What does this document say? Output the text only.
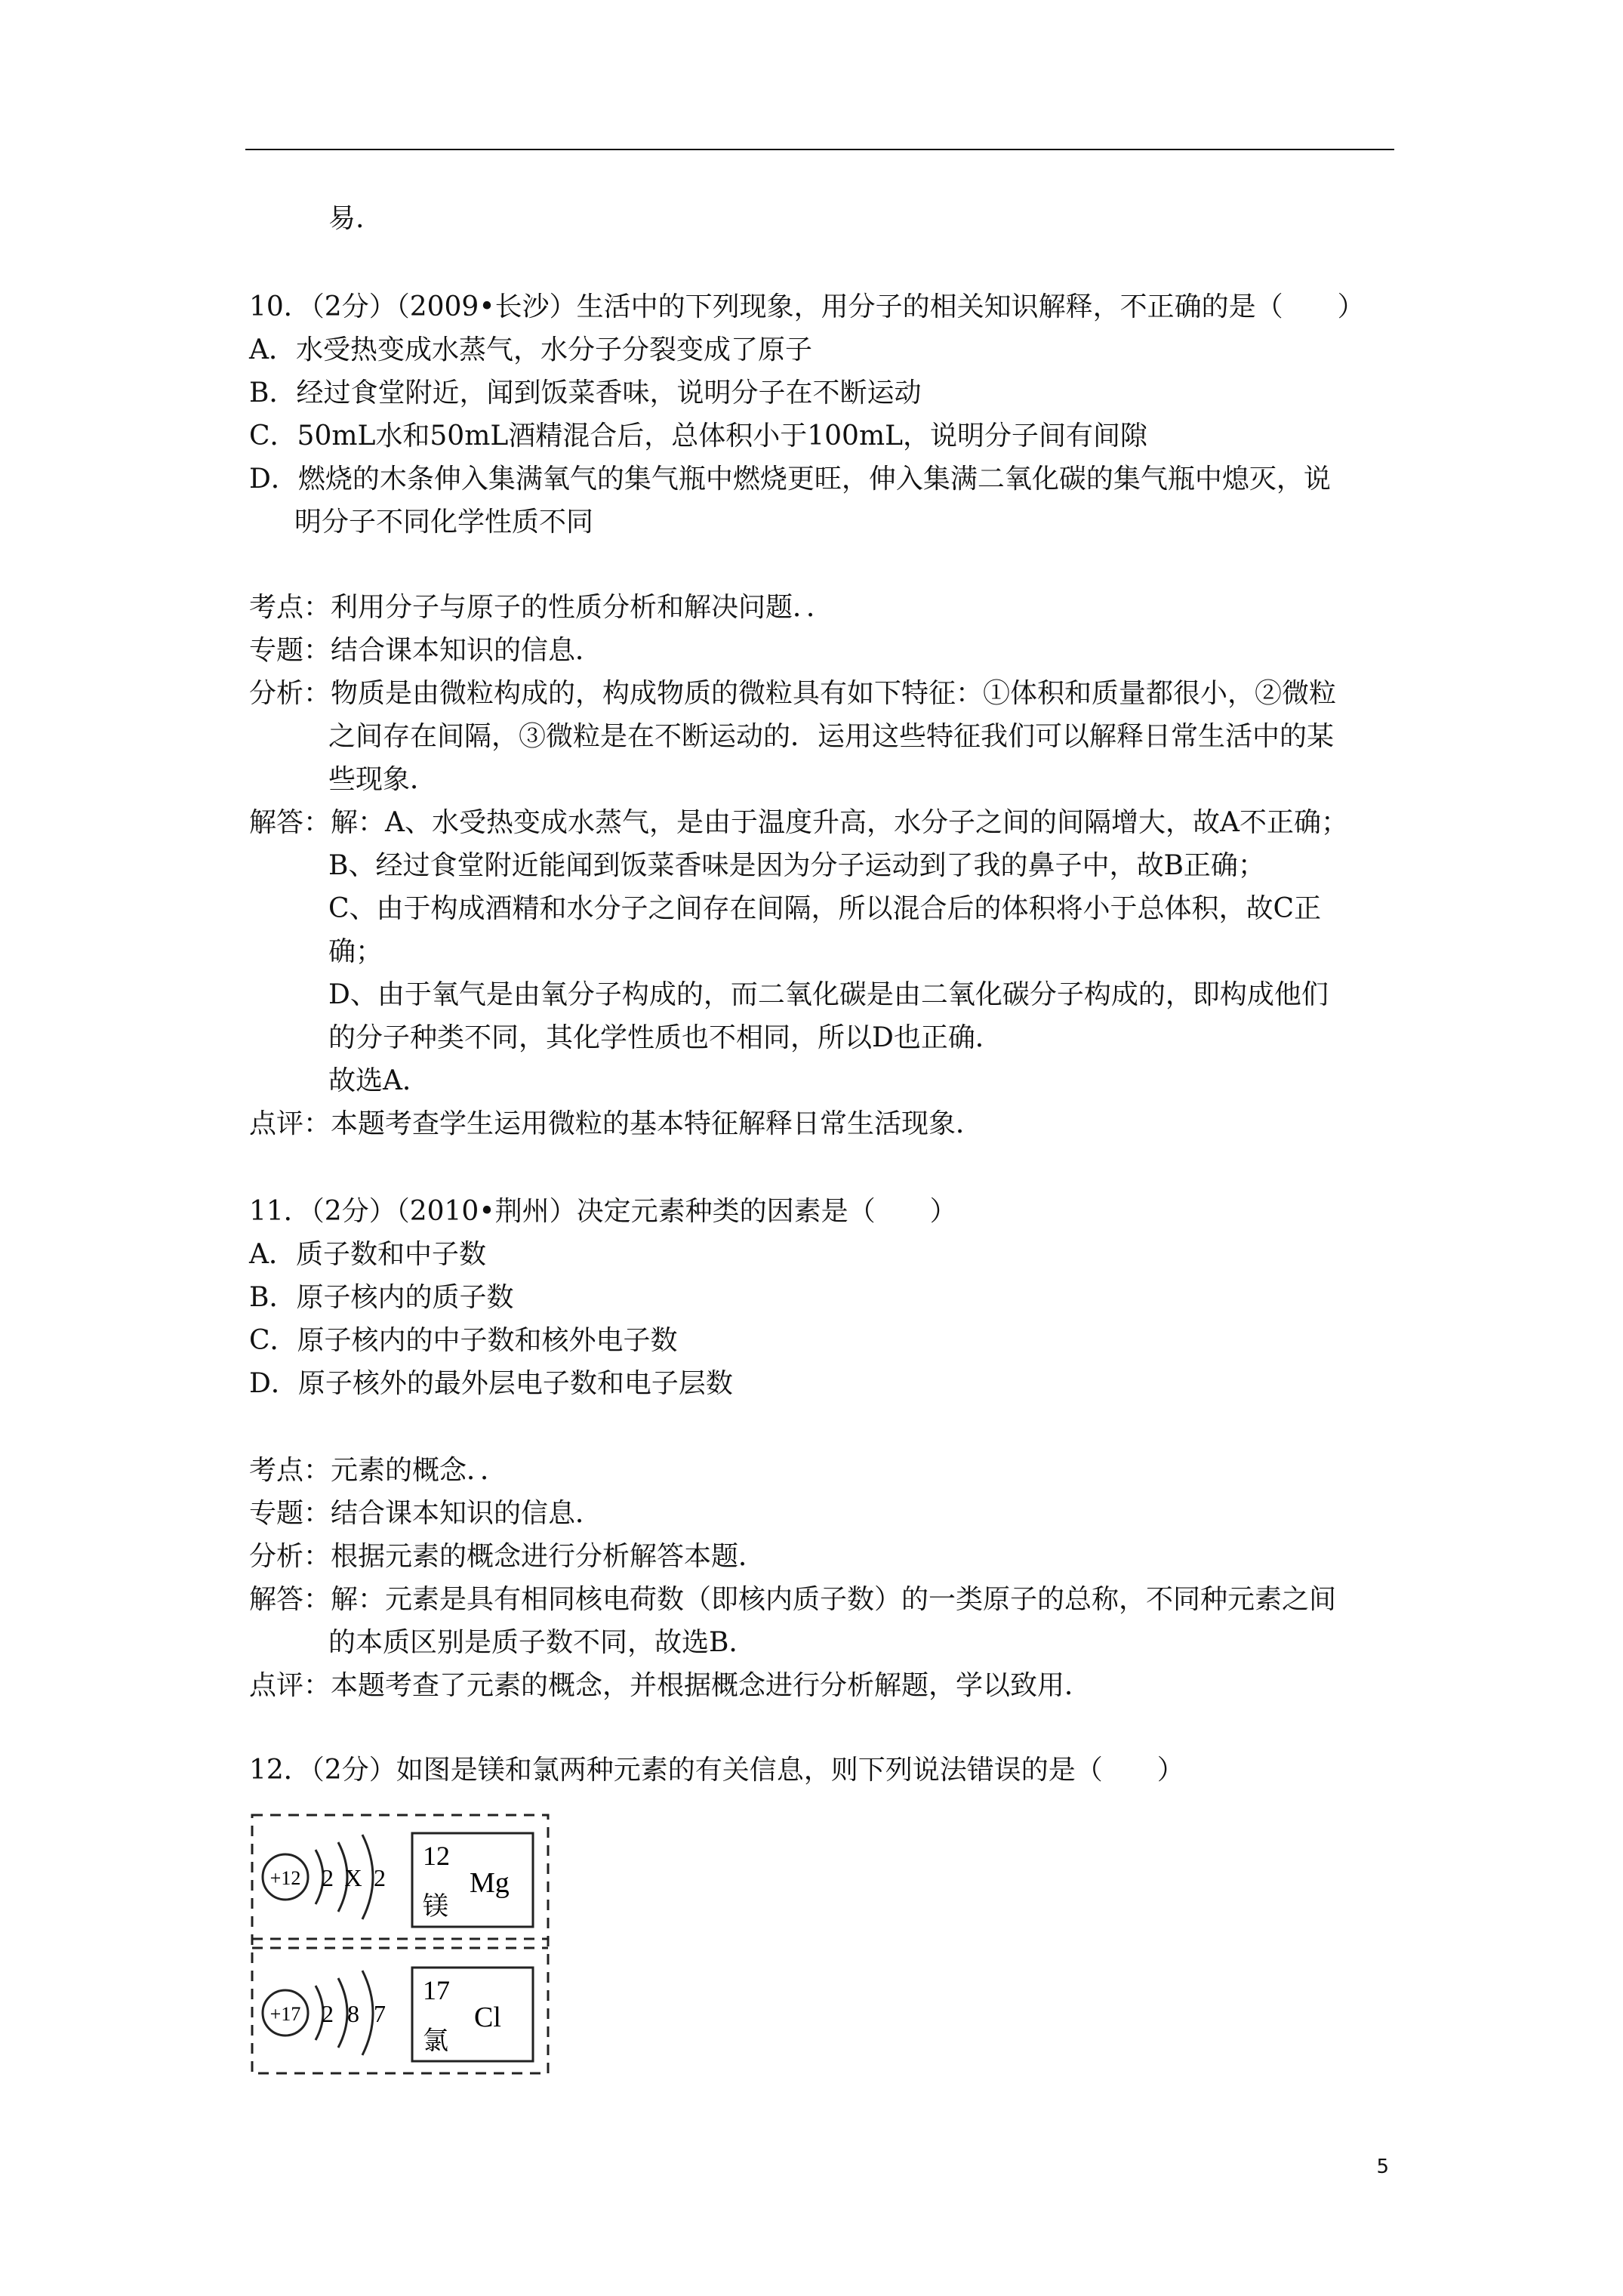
易.
10．（2分）（2009•长沙）生活中的下列现象，用分子的相关知识解释，不正确的是（　　）
A．水受热变成水蒸气，水分子分裂变成了原子
B．经过食堂附近，闻到饭菜香味，说明分子在不断运动
C．50mL水和50mL酒精混合后，总体积小于100mL，说明分子间有间隙
D．燃烧的木条伸入集满氧气的集气瓶中燃烧更旺，伸入集满二氧化碳的集气瓶中熄灭，说
明分子不同化学性质不同
考点：利用分子与原子的性质分析和解决问题．．
专题：结合课本知识的信息．
分析：物质是由微粒构成的，构成物质的微粒具有如下特征：①体积和质量都很小，②微粒
之间存在间隔，③微粒是在不断运动的．运用这些特征我们可以解释日常生活中的某
些现象．
解答：解：A、水受热变成水蒸气，是由于温度升高，水分子之间的间隔增大，故A不正确；
B、经过食堂附近能闻到饭菜香味是因为分子运动到了我的鼻子中，故B正确；
C、由于构成酒精和水分子之间存在间隔，所以混合后的体积将小于总体积，故C正
确；
D、由于氧气是由氧分子构成的，而二氧化碳是由二氧化碳分子构成的，即构成他们
的分子种类不同，其化学性质也不相同，所以D也正确．
故选A．
点评：本题考查学生运用微粒的基本特征解释日常生活现象．
11．（2分）（2010•荆州）决定元素种类的因素是（　　）
A．质子数和中子数
B．原子核内的质子数
C．原子核内的中子数和核外电子数
D．原子核外的最外层电子数和电子层数
考点：元素的概念．．
专题：结合课本知识的信息．
分析：根据元素的概念进行分析解答本题．
解答：解：元素是具有相同核电荷数（即核内质子数）的一类原子的总称，不同种元素之间
的本质区别是质子数不同，故选B．
点评：本题考查了元素的概念，并根据概念进行分析解题，学以致用．
12．（2分）如图是镁和氯两种元素的有关信息，则下列说法错误的是（　　）
+12 2 X 2
12
镁
Mg
+17 2 8 7
17
氯
Cl
5
